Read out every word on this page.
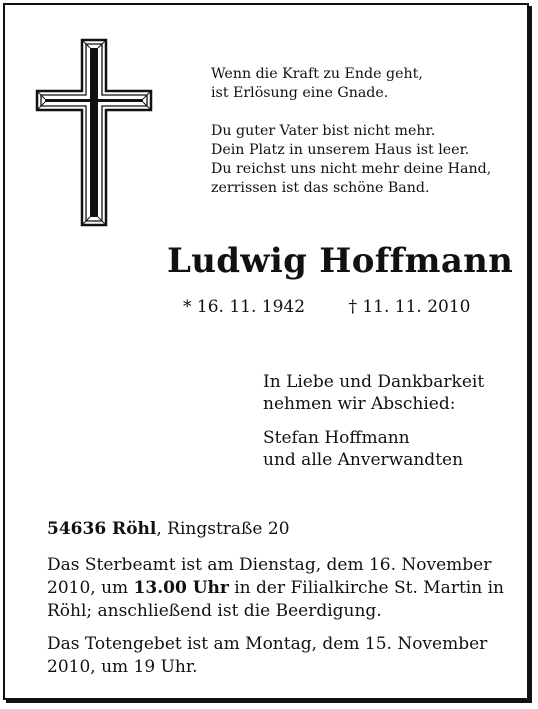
Wenn die Kraft zu Ende geht,
ist Erlösung eine Gnade.
Du guter Vater bist nicht mehr.
Dein Platz in unserem Haus ist leer.
Du reichst uns nicht mehr deine Hand,
zerrissen ist das schöne Band.
Ludwig Hoffmann
* 16. 11. 1942	† 11. 11. 2010
In Liebe und Dankbarkeit
nehmen wir Abschied:
Stefan Hoffmann
und alle Anverwandten
54636 Röhl, Ringstraße 20
Das Sterbeamt ist am Dienstag, dem 16. November
2010, um 13.00 Uhr in der Filialkirche St. Martin in
Röhl; anschließend ist die Beerdigung.
Das Totengebet ist am Montag, dem 15. November
2010, um 19 Uhr.
